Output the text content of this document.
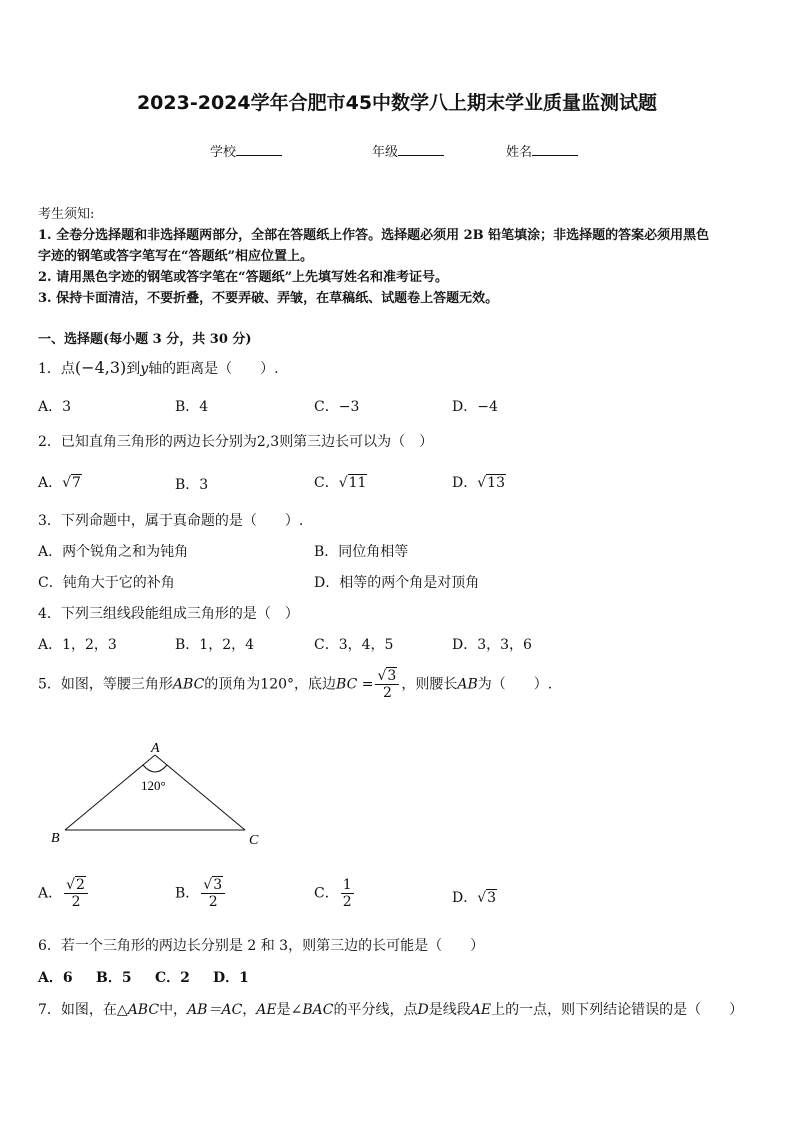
2023-2024学年合肥市45中数学八上期末学业质量监测试题
学校	年级	姓名
考生须知:
1. 全卷分选择题和非选择题两部分，全部在答题纸上作答。选择题必须用 2B 铅笔填涂；非选择题的答案必须用黑色
字迹的钢笔或答字笔写在“答题纸”相应位置上。
2. 请用黑色字迹的钢笔或答字笔在“答题纸”上先填写姓名和准考证号。
3. 保持卡面清洁，不要折叠，不要弄破、弄皱，在草稿纸、试题卷上答题无效。
一、选择题(每小题 3 分，共 30 分)
1．点(−4,3)到y轴的距离是（　　）.
A．3	B．4	C．−3	D．−4
2．已知直角三角形的两边长分别为2,3则第三边长可以为（　）
A．√7	B．3	C．√11	D．√13
3．下列命题中，属于真命题的是（　　）.
A．两个锐角之和为钝角	B．同位角相等
C．钝角大于它的补角	D．相等的两个角是对顶角
4．下列三组线段能组成三角形的是（　）
A．1，2，3	B．1，2，4	C．3，4，5	D．3，3，6
5．如图，等腰三角形ABC的顶角为120°，底边BC = $\frac{√3}{2}$ ，则腰长AB为（　　）.
A
B	C
120°
A． $\frac{√2}{2}$	B． $\frac{√3}{2}$	C． $\frac{1}{2}$	D．√3
6．若一个三角形的两边长分别是 2 和 3，则第三边的长可能是（　　）
A．6 B．5 C．2 D．1
7．如图，在△ABC中，AB＝AC，AE是∠BAC的平分线，点D是线段AE上的一点，则下列结论错误的是（　　）
